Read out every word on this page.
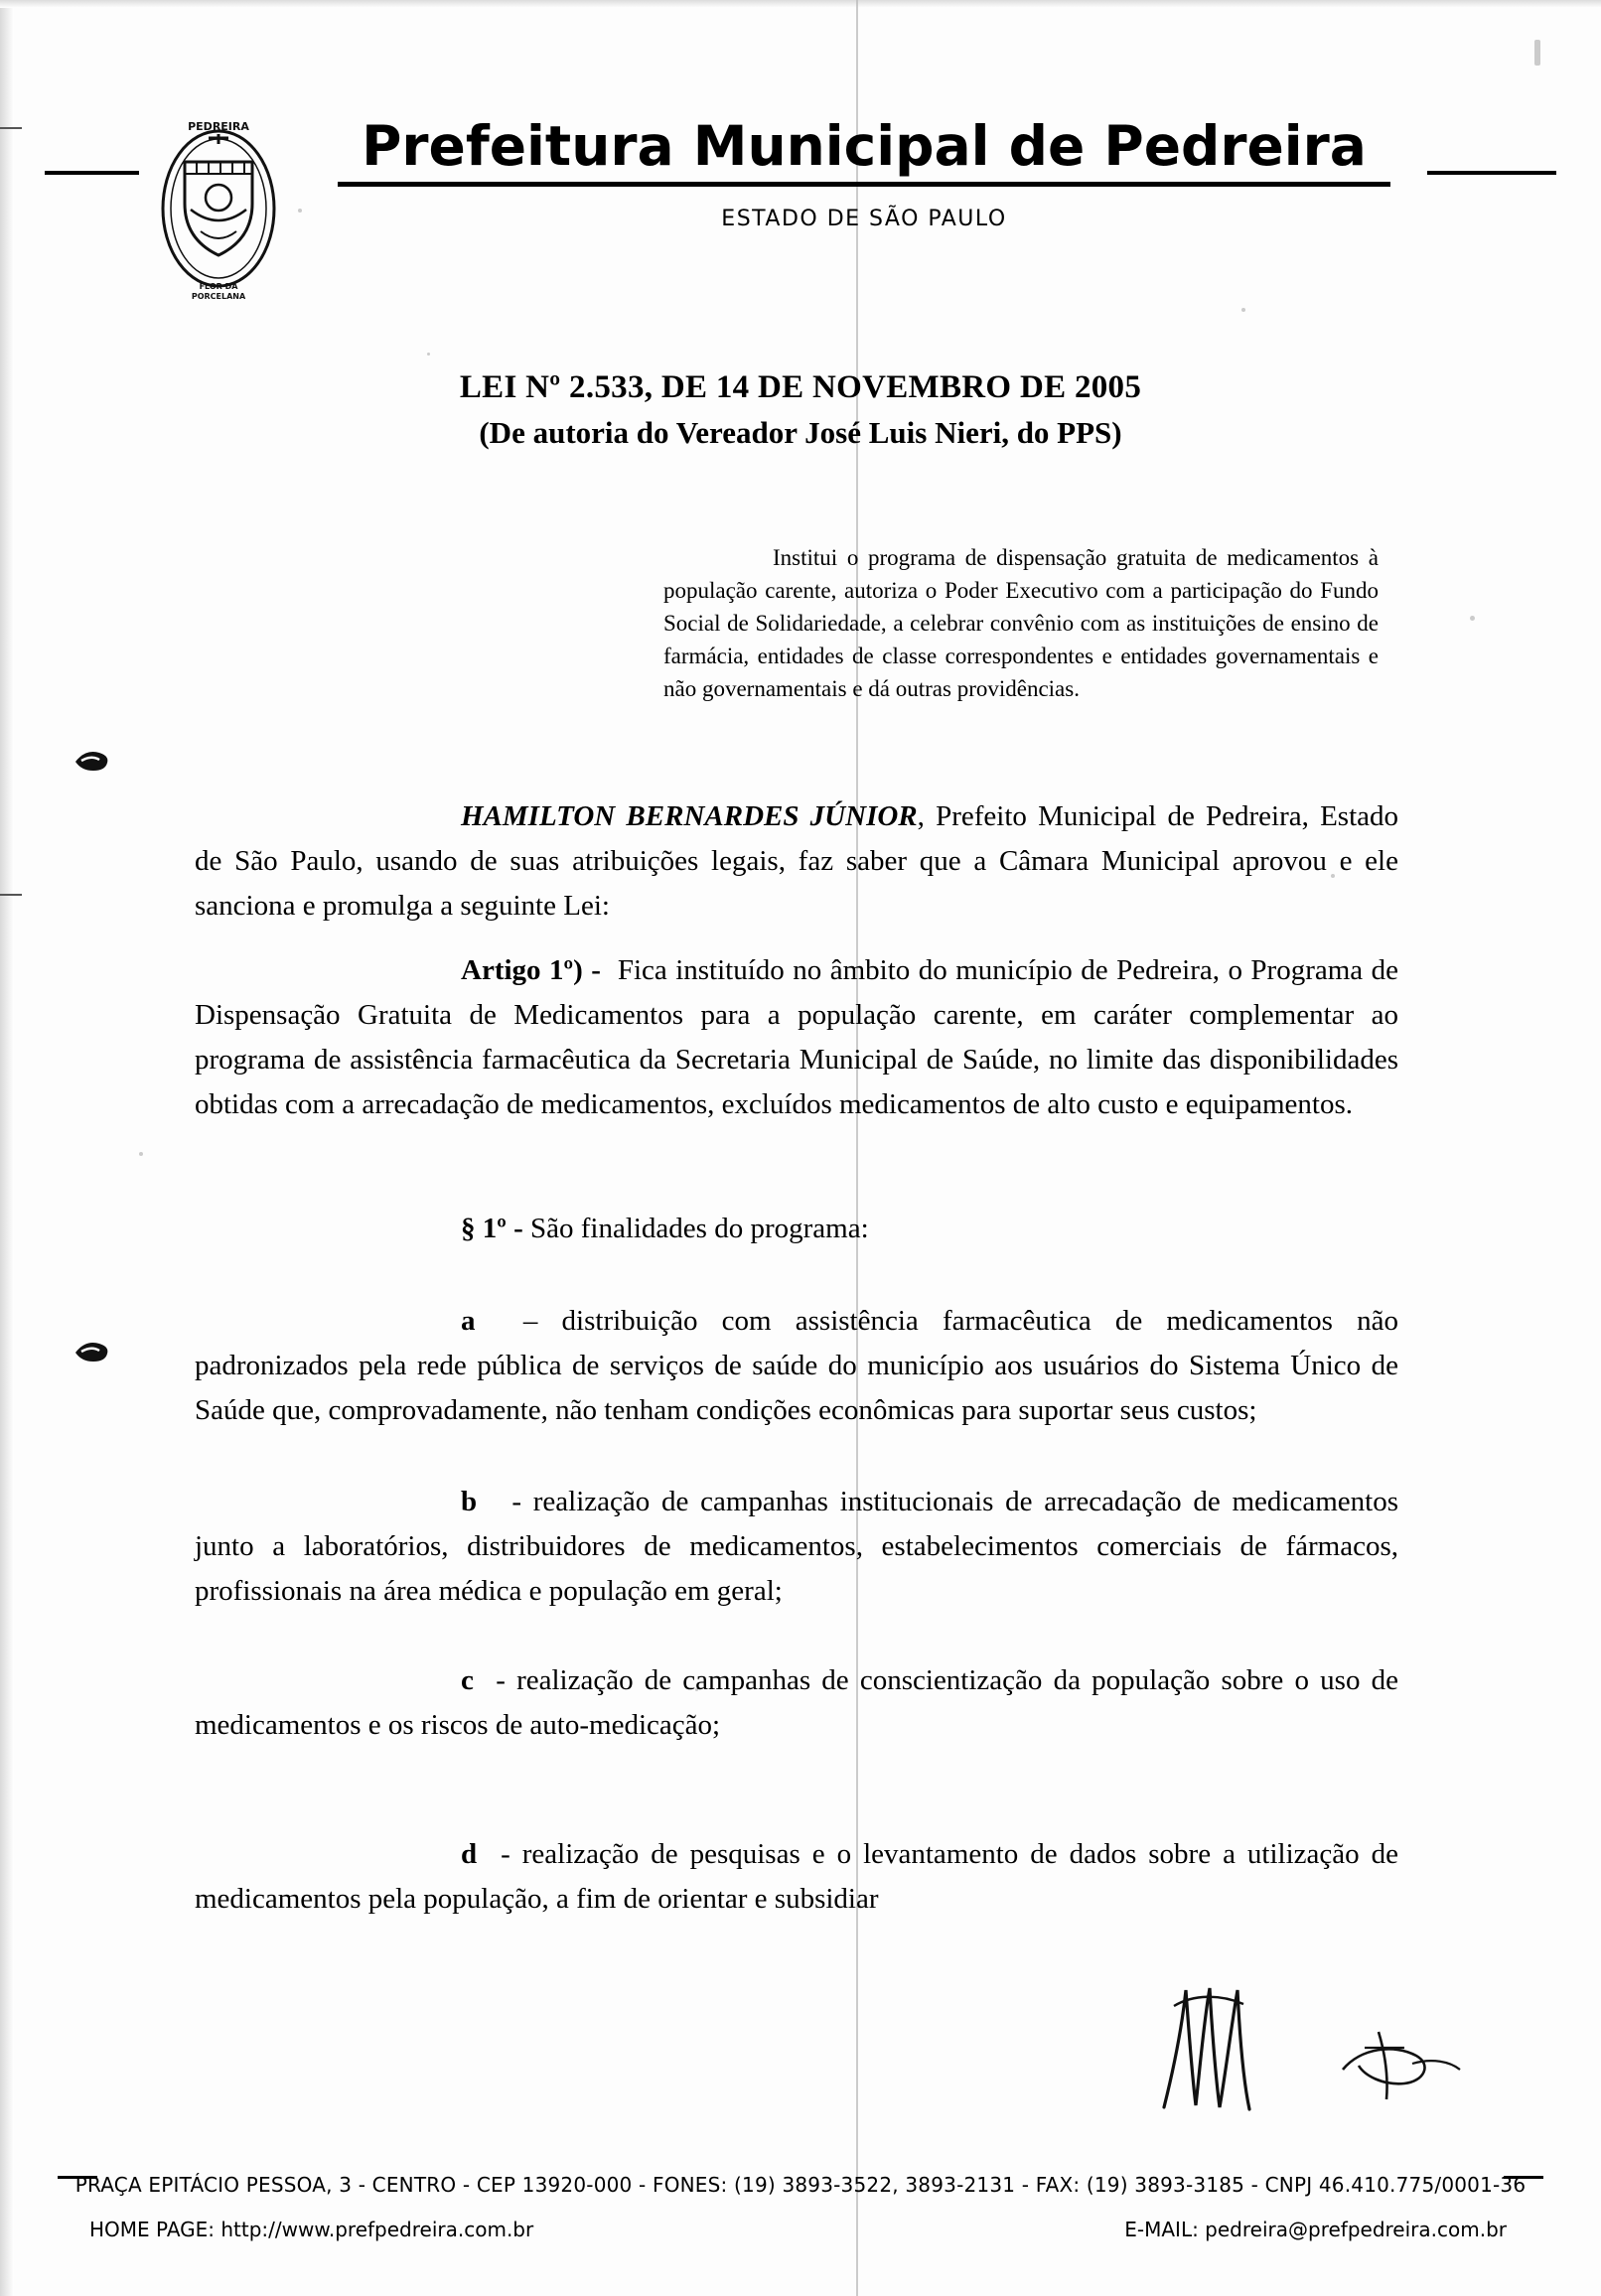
PEDREIRA
FLOR DA
PORCELANA
Prefeitura Municipal de Pedreira
ESTADO DE SÃO PAULO
LEI Nº 2.533, DE 14 DE NOVEMBRO DE 2005
(De autoria do Vereador José Luis Nieri, do PPS)
Institui o programa de dispensação gratuita de medicamentos à população carente, autoriza o Poder Executivo com a participação do Fundo Social de Solidariedade, a celebrar convênio com as instituições de ensino de farmácia, entidades de classe correspondentes e entidades governamentais e não governamentais e dá outras providências.
HAMILTON BERNARDES JÚNIOR, Prefeito Municipal de Pedreira, Estado de São Paulo, usando de suas atribuições legais, faz saber que a Câmara Municipal aprovou e ele sanciona e promulga a seguinte Lei:
Artigo 1º) - Fica instituído no âmbito do município de Pedreira, o Programa de Dispensação Gratuita de Medicamentos para a população carente, em caráter complementar ao programa de assistência farmacêutica da Secretaria Municipal de Saúde, no limite das disponibilidades obtidas com a arrecadação de medicamentos, excluídos medicamentos de alto custo e equipamentos.
§ 1º - São finalidades do programa:
a – distribuição com assistência farmacêutica de medicamentos não padronizados pela rede pública de serviços de saúde do município aos usuários do Sistema Único de Saúde que, comprovadamente, não tenham condições econômicas para suportar seus custos;
b - realização de campanhas institucionais de arrecadação de medicamentos junto a laboratórios, distribuidores de medicamentos, estabelecimentos comerciais de fármacos, profissionais na área médica e população em geral;
c - realização de campanhas de conscientização da população sobre o uso de medicamentos e os riscos de auto-medicação;
d - realização de pesquisas e o levantamento de dados sobre a utilização de medicamentos pela população, a fim de orientar e subsidiar
PRAÇA EPITÁCIO PESSOA, 3 - CENTRO - CEP 13920-000 - FONES: (19) 3893-3522, 3893-2131 - FAX: (19) 3893-3185 - CNPJ 46.410.775/0001-36
HOME PAGE: http://www.prefpedreira.com.br	E-MAIL: pedreira@prefpedreira.com.br
